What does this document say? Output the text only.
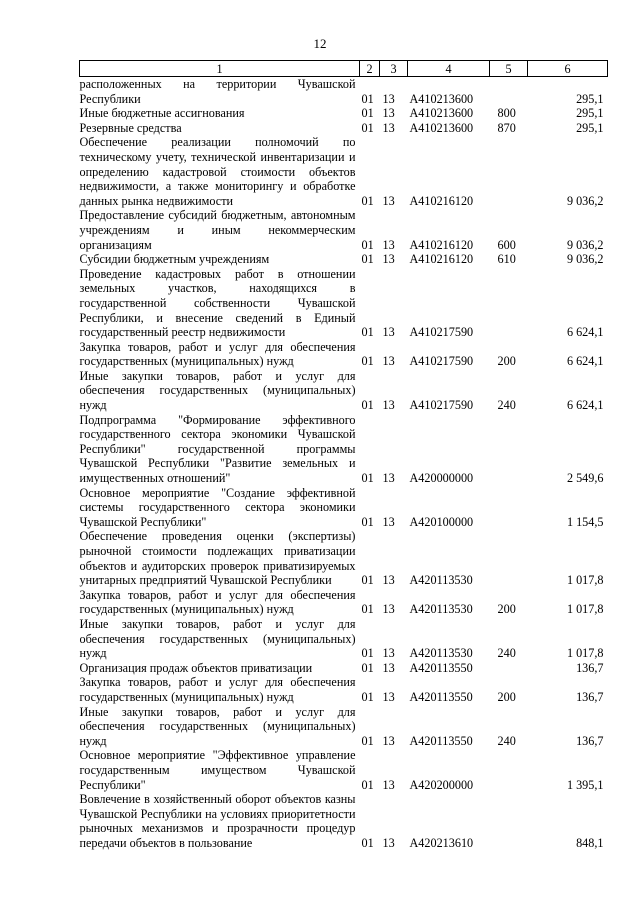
12
1	2	3	4	5	6
расположенных на территории Чувашской Республики	01	13	А410213600		295,1
Иные бюджетные ассигнования	01	13	А410213600	800	295,1
Резервные средства	01	13	А410213600	870	295,1
Обеспечение реализации полномочий по техническому учету, технической инвентаризации и определению кадастровой стоимости объектов недвижимости, а также мониторингу и обработке данных рынка недвижимости	01	13	А410216120		9 036,2
Предоставление субсидий бюджетным, автономным учреждениям и иным некоммерческим организациям	01	13	А410216120	600	9 036,2
Субсидии бюджетным учреждениям	01	13	А410216120	610	9 036,2
Проведение кадастровых работ в отношении земельных участков, находящихся в государственной собственности Чувашской Республики, и внесение сведений в Единый государственный реестр недвижимости	01	13	А410217590		6 624,1
Закупка товаров, работ и услуг для обеспечения государственных (муниципальных) нужд	01	13	А410217590	200	6 624,1
Иные закупки товаров, работ и услуг для обеспечения государственных (муниципальных) нужд	01	13	А410217590	240	6 624,1
Подпрограмма "Формирование эффективного государственного сектора экономики Чувашской Республики" государственной программы Чувашской Республики "Развитие земельных и имущественных отношений"	01	13	А420000000		2 549,6
Основное мероприятие "Создание эффективной системы государственного сектора экономики Чувашской Республики"	01	13	А420100000		1 154,5
Обеспечение проведения оценки (экспертизы) рыночной стоимости подлежащих приватизации объектов и аудиторских проверок приватизируемых унитарных предприятий Чувашской Республики	01	13	А420113530		1 017,8
Закупка товаров, работ и услуг для обеспечения государственных (муниципальных) нужд	01	13	А420113530	200	1 017,8
Иные закупки товаров, работ и услуг для обеспечения государственных (муниципальных) нужд	01	13	А420113530	240	1 017,8
Организация продаж объектов приватизации	01	13	А420113550		136,7
Закупка товаров, работ и услуг для обеспечения государственных (муниципальных) нужд	01	13	А420113550	200	136,7
Иные закупки товаров, работ и услуг для обеспечения государственных (муниципальных) нужд	01	13	А420113550	240	136,7
Основное мероприятие "Эффективное управление государственным имуществом Чувашской Республики"	01	13	А420200000		1 395,1
Вовлечение в хозяйственный оборот объектов казны Чувашской Республики на условиях приоритетности рыночных механизмов и прозрачности процедур передачи объектов в пользование	01	13	А420213610		848,1
